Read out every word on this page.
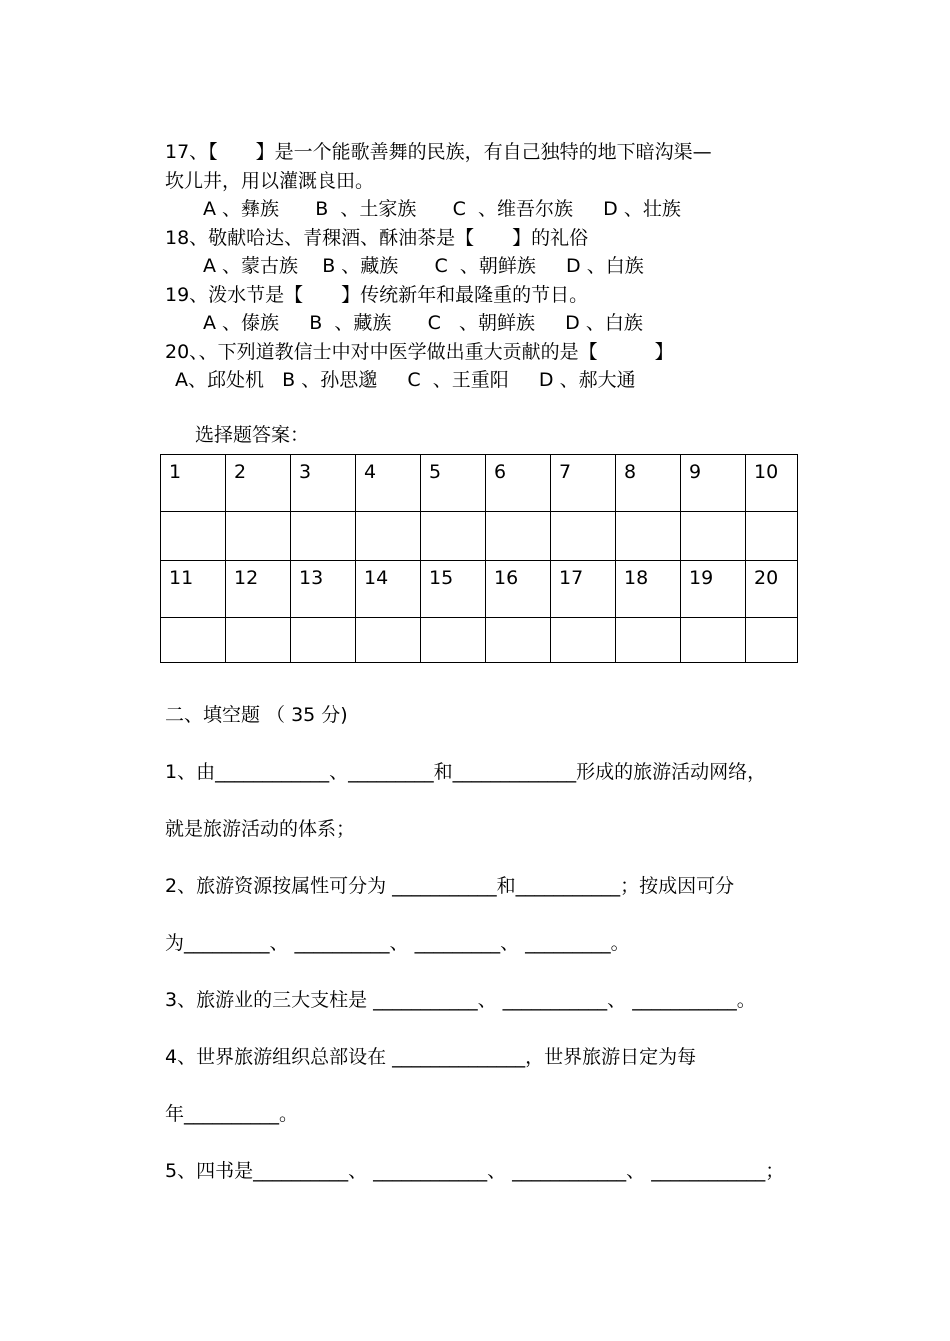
17、【　　】是一个能歌善舞的民族，有自己独特的地下暗沟渠—

坎儿井，用以灌溉良田。

A 、彝族      B  、土家族      C  、维吾尔族     D 、壮族

18、敬献哈达、青稞酒、酥油茶是【　　】的礼俗

A 、蒙古族    B 、藏族      C  、朝鲜族     D 、白族

19、泼水节是【　　】传统新年和最隆重的节日。

A 、傣族     B  、藏族      C   、朝鲜族     D 、白族

20、、下列道教信士中对中医学做出重大贡献的是【　　　】

A、邱处机   B 、孙思邈     C  、王重阳     D 、郝大通

选择题答案：

1	2	3	4	5	6	7	8	9	10

11	12	13	14	15	16	17	18	19	20

二、填空题 （ 35 分)

1、由____________、_________和_____________形成的旅游活动网络，

就是旅游活动的体系；

2、旅游资源按属性可分为 ___________和___________；按成因可分

为_________、 __________、 _________、 _________。

3、旅游业的三大支柱是 ___________、 ___________、 ___________。

4、世界旅游组织总部设在 ______________，世界旅游日定为每

年__________。

5、四书是__________、 ____________、 ____________、 ____________；
